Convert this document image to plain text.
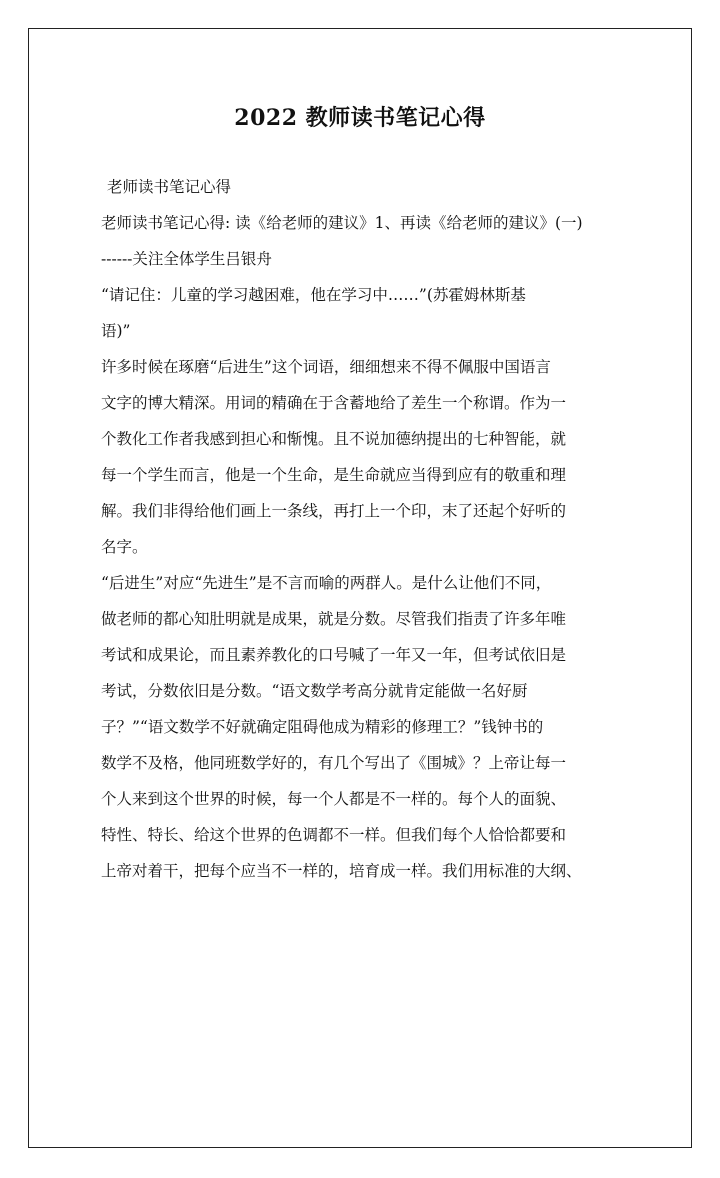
2022 教师读书笔记心得
老师读书笔记心得
老师读书笔记心得: 读《给老师的建议》1、再读《给老师的建议》(一)
------关注全体学生吕银舟
“请记住：儿童的学习越困难，他在学习中……”(苏霍姆林斯基
语)”
许多时候在琢磨“后进生”这个词语，细细想来不得不佩服中国语言
文字的博大精深。用词的精确在于含蓄地给了差生一个称谓。作为一
个教化工作者我感到担心和惭愧。且不说加德纳提出的七种智能，就
每一个学生而言，他是一个生命，是生命就应当得到应有的敬重和理
解。我们非得给他们画上一条线，再打上一个印，末了还起个好听的
名字。
“后进生”对应“先进生”是不言而喻的两群人。是什么让他们不同，
做老师的都心知肚明就是成果，就是分数。尽管我们指责了许多年唯
考试和成果论，而且素养教化的口号喊了一年又一年，但考试依旧是
考试，分数依旧是分数。“语文数学考高分就肯定能做一名好厨
子？”“语文数学不好就确定阻碍他成为精彩的修理工？”钱钟书的
数学不及格，他同班数学好的，有几个写出了《围城》？上帝让每一
个人来到这个世界的时候，每一个人都是不一样的。每个人的面貌、
特性、特长、给这个世界的色调都不一样。但我们每个人恰恰都要和
上帝对着干，把每个应当不一样的，培育成一样。我们用标准的大纲、
